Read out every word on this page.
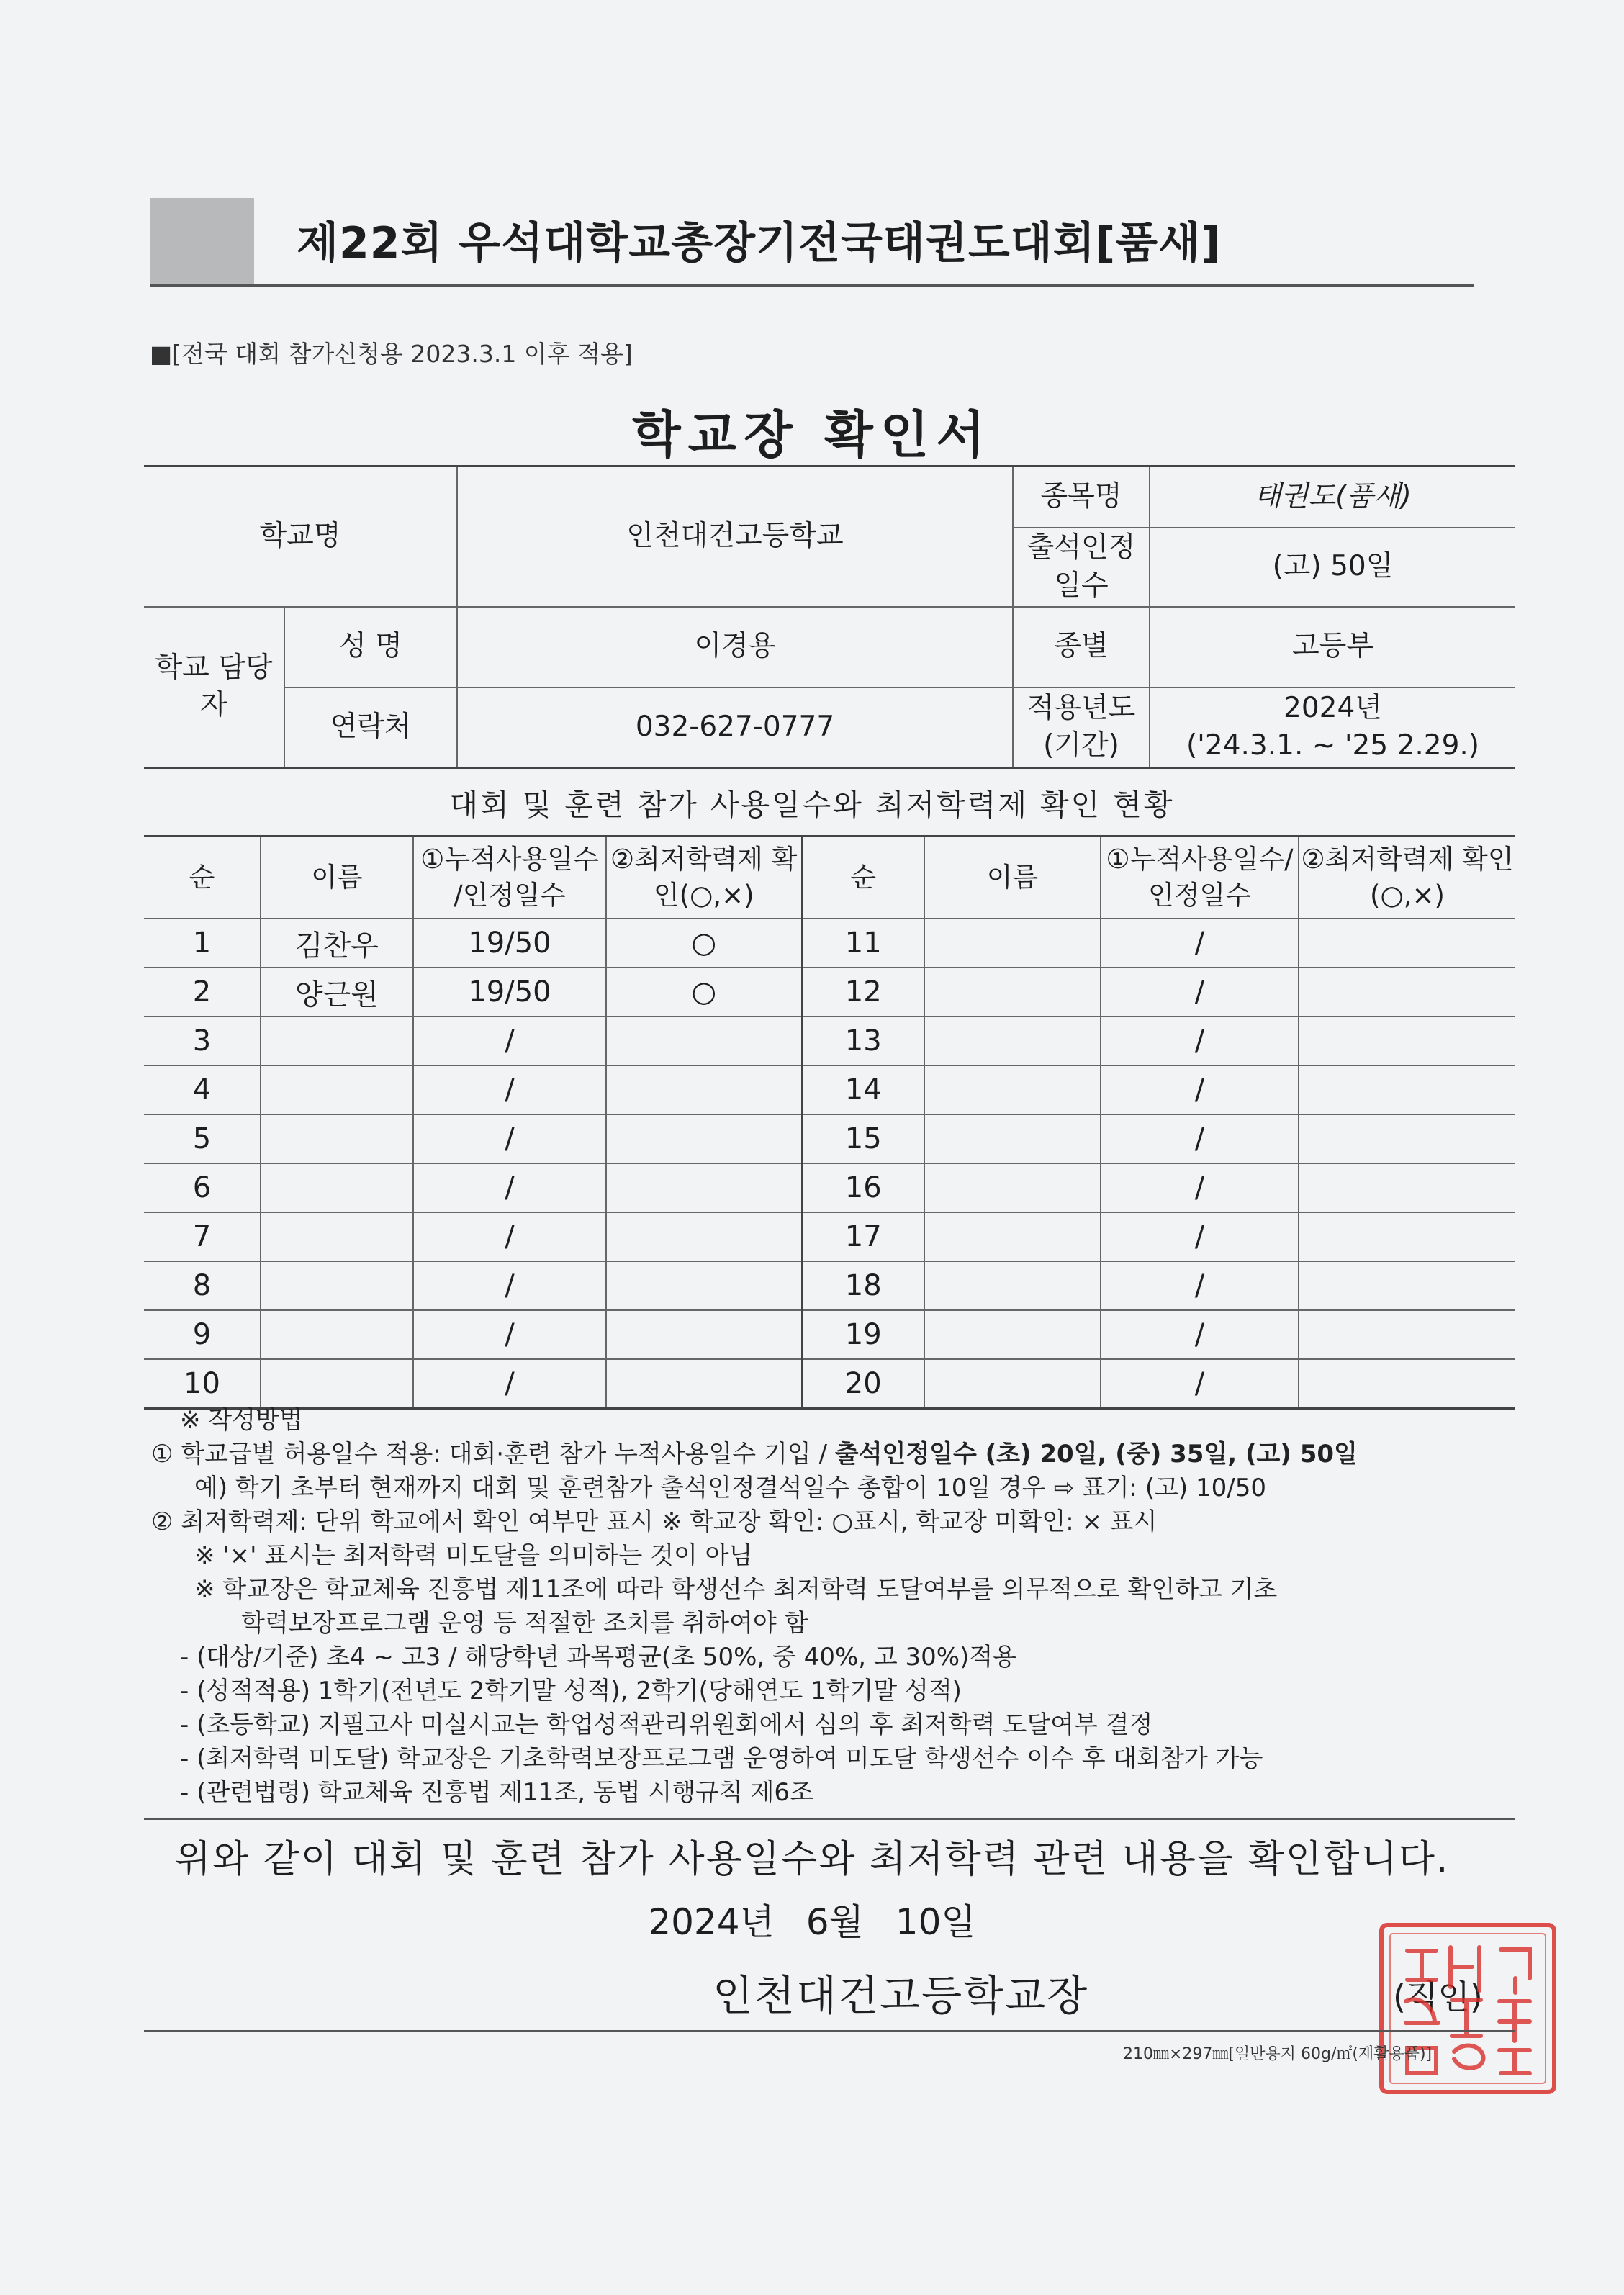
제22회 우석대학교총장기전국태권도대회[품새]
■[전국 대회 참가신청용 2023.3.1 이후 적용]
학교장 확인서
학교명		인천대건고등학교	종목명	태권도(품새)
			출석인정 일수	(고) 50일
학교 담당자	성 명	이경용	종별	고등부
	연락처	032-627-0777	적용년도 (기간)	2024년
('24.3.1. ~ '25 2.29.)
대회 및 훈련 참가 사용일수와 최저학력제 확인 현황
순	이름	①누적사용일수 /인정일수	②최저학력제 확인(○,×)	순	이름	①누적사용일수/ 인정일수	②최저학력제 확인(○,×)
1	김찬우	19/50	○	11		/	
2	양근원	19/50	○	12		/	
3		/		13		/	
4		/		14		/	
5		/		15		/	
6		/		16		/	
7		/		17		/	
8		/		18		/	
9		/		19		/	
10		/		20		/	
※ 작성방법
① 학교급별 허용일수 적용: 대회·훈련 참가 누적사용일수 기입 / 출석인정일수 (초) 20일, (중) 35일, (고) 50일
예) 학기 초부터 현재까지 대회 및 훈련참가 출석인정결석일수 총합이 10일 경우 ⇨ 표기: (고) 10/50
② 최저학력제: 단위 학교에서 확인 여부만 표시 ※ 학교장 확인: ○표시, 학교장 미확인: × 표시
※ '×' 표시는 최저학력 미도달을 의미하는 것이 아님
※ 학교장은 학교체육 진흥법 제11조에 따라 학생선수 최저학력 도달여부를 의무적으로 확인하고 기초
학력보장프로그램 운영 등 적절한 조치를 취하여야 함
- (대상/기준) 초4 ~ 고3 / 해당학년 과목평균(초 50%, 중 40%, 고 30%)적용
- (성적적용) 1학기(전년도 2학기말 성적), 2학기(당해연도 1학기말 성적)
- (초등학교) 지필고사 미실시교는 학업성적관리위원회에서 심의 후 최저학력 도달여부 결정
- (최저학력 미도달) 학교장은 기초학력보장프로그램 운영하여 미도달 학생선수 이수 후 대회참가 가능
- (관련법령) 학교체육 진흥법 제11조, 동법 시행규칙 제6조
위와 같이 대회 및 훈련 참가 사용일수와 최저학력 관련 내용을 확인합니다.
2024년 6월 10일
인천대건고등학교장	(직인)
210㎜×297㎜[일반용지 60g/㎡(재활용품)]
